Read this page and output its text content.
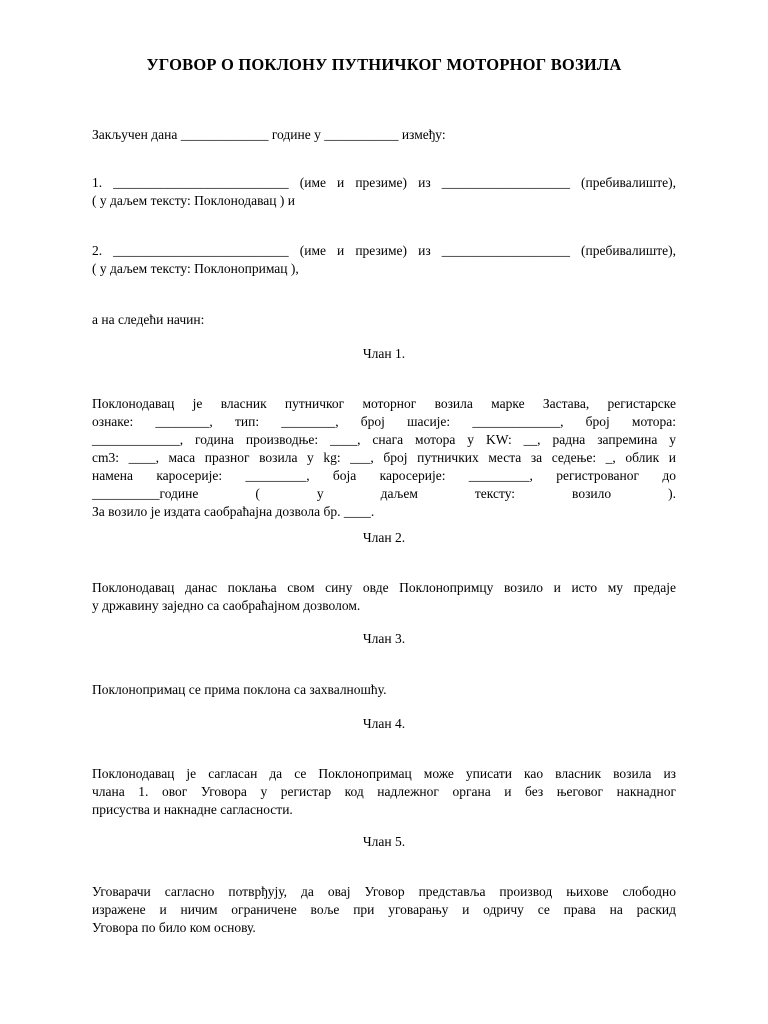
УГОВОР О ПОКЛОНУ ПУТНИЧКОГ МОТОРНОГ ВОЗИЛА
Закључен дана _____________ године у ___________ између:
1. __________________________ (име и презиме) из ___________________ (пребивалиште),
( у даљем тексту: Поклонодавац ) и
2. __________________________ (име и презиме) из ___________________ (пребивалиште),
( у даљем тексту: Поклонопримац ),
а на следећи начин:
Члан 1.
Поклонодавац је власник путничког моторног возила марке Застава, регистарске
ознаке: ________, тип: ________, број шасије: _____________, број мотора:
_____________, година производње: ____, снага мотора у KW: __, радна запремина у
cm3: ____, маса празног возила у kg: ___, број путничких места за седење: _, облик и
намена каросерије: _________, боја каросерије: _________, регистрованог до
__________године ( у даљем тексту: возило ).
За возило је издата саобраћајна дозвола бр. ____.
Члан 2.
Поклонодавац данас поклања свом сину овде Поклонопримцу возило и исто му предаје
у државину заједно са саобраћајном дозволом.
Члан 3.
Поклонопримац се прима поклона са захвалношћу.
Члан 4.
Поклонодавац је сагласан да се Поклонопримац може уписати као власник возила из
члана 1. овог Уговора у регистар код надлежног органа и без његовог накнадног
присуства и накнадне сагласности.
Члан 5.
Уговарачи сагласно потврђују, да овај Уговор представља производ њихове слободно
изражене и ничим ограничене воље при уговарању и одричу се права на раскид
Уговора по било ком основу.
